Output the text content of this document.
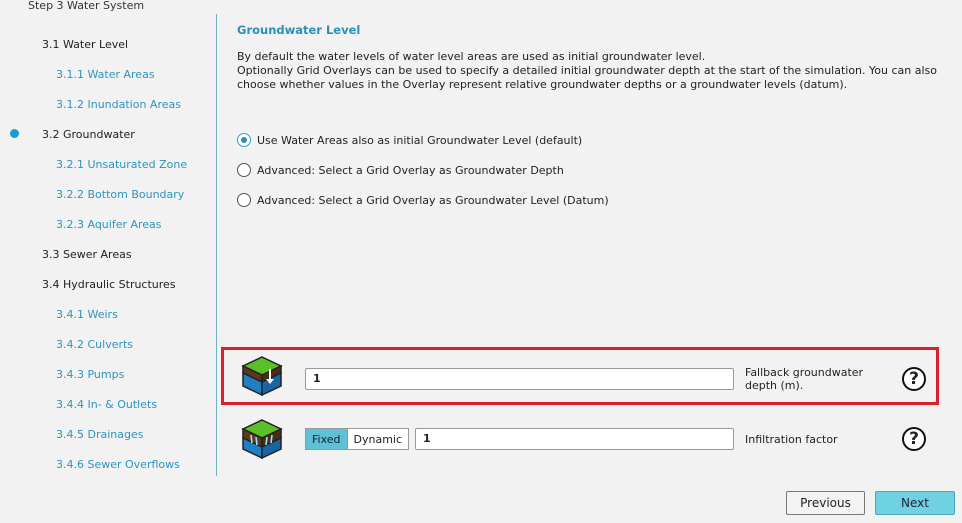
Step 3 Water System
3.1 Water Level
3.1.1 Water Areas
3.1.2 Inundation Areas
3.2 Groundwater
3.2.1 Unsaturated Zone
3.2.2 Bottom Boundary
3.2.3 Aquifer Areas
3.3 Sewer Areas
3.4 Hydraulic Structures
3.4.1 Weirs
3.4.2 Culverts
3.4.3 Pumps
3.4.4 In- & Outlets
3.4.5 Drainages
3.4.6 Sewer Overflows
Groundwater Level
By default the water levels of water level areas are used as initial groundwater level.
Optionally Grid Overlays can be used to specify a detailed initial groundwater depth at the start of the simulation. You can also choose whether values in the Overlay represent relative groundwater depths or a groundwater levels (datum).
Use Water Areas also as initial Groundwater Level (default)
Advanced: Select a Grid Overlay as Groundwater Depth
Advanced: Select a Grid Overlay as Groundwater Level (Datum)
1	Fallback groundwater depth (m).	?
Fixed	Dynamic	1	Infiltration factor	?
Previous	Next
